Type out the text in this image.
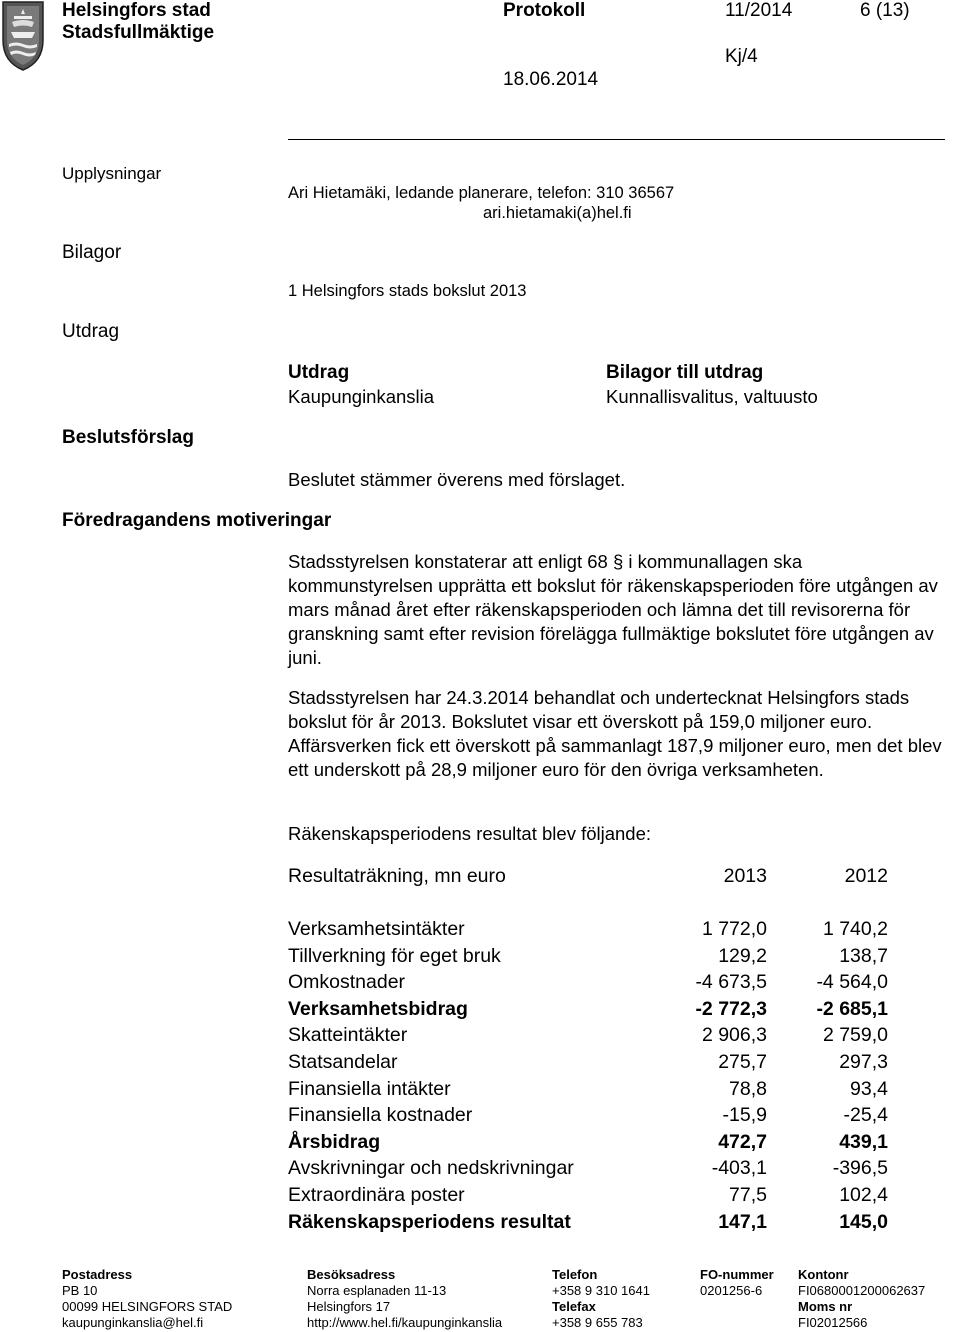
Helsingfors stad
Stadsfullmäktige
Protokoll	11/2014	6 (13)
Kj/4
18.06.2014
Upplysningar
Bilagor
Utdrag
Beslutsförslag
Föredragandens motiveringar
Ari Hietamäki, ledande planerare, telefon: 310 36567
ari.hietamaki(a)hel.fi
1 Helsingfors stads bokslut 2013
Utdrag
Kaupunginkanslia
Bilagor till utdrag
Kunnallisvalitus, valtuusto
Beslutet stämmer överens med förslaget.
Stadsstyrelsen konstaterar att enligt 68 § i kommunallagen ska kommunstyrelsen upprätta ett bokslut för räkenskapsperioden före utgången av mars månad året efter räkenskapsperioden och lämna det till revisorerna för granskning samt efter revision förelägga fullmäktige bokslutet före utgången av juni.
Stadsstyrelsen har 24.3.2014 behandlat och undertecknat Helsingfors stads bokslut för år 2013. Bokslutet visar ett överskott på 159,0 miljoner euro. Affärsverken fick ett överskott på sammanlagt 187,9 miljoner euro, men det blev ett underskott på 28,9 miljoner euro för den övriga verksamheten.
Räkenskapsperiodens resultat blev följande:
Resultaträkning, mn euro	2013	2012
Verksamhetsintäkter	1 772,0	1 740,2
Tillverkning för eget bruk	129,2	138,7
Omkostnader	-4 673,5	-4 564,0
Verksamhetsbidrag	-2 772,3	-2 685,1
Skatteintäkter	2 906,3	2 759,0
Statsandelar	275,7	297,3
Finansiella intäkter	78,8	93,4
Finansiella kostnader	-15,9	-25,4
Årsbidrag	472,7	439,1
Avskrivningar och nedskrivningar	-403,1	-396,5
Extraordinära poster	77,5	102,4
Räkenskapsperiodens resultat	147,1	145,0
Postadress
PB 10
00099 HELSINGFORS STAD
kaupunginkanslia@hel.fi
Besöksadress
Norra esplanaden 11-13
Helsingfors 17
http://www.hel.fi/kaupunginkanslia
Telefon
+358 9 310 1641
Telefax
+358 9 655 783
FO-nummer
0201256-6
Kontonr
FI0680001200062637
Moms nr
FI02012566
